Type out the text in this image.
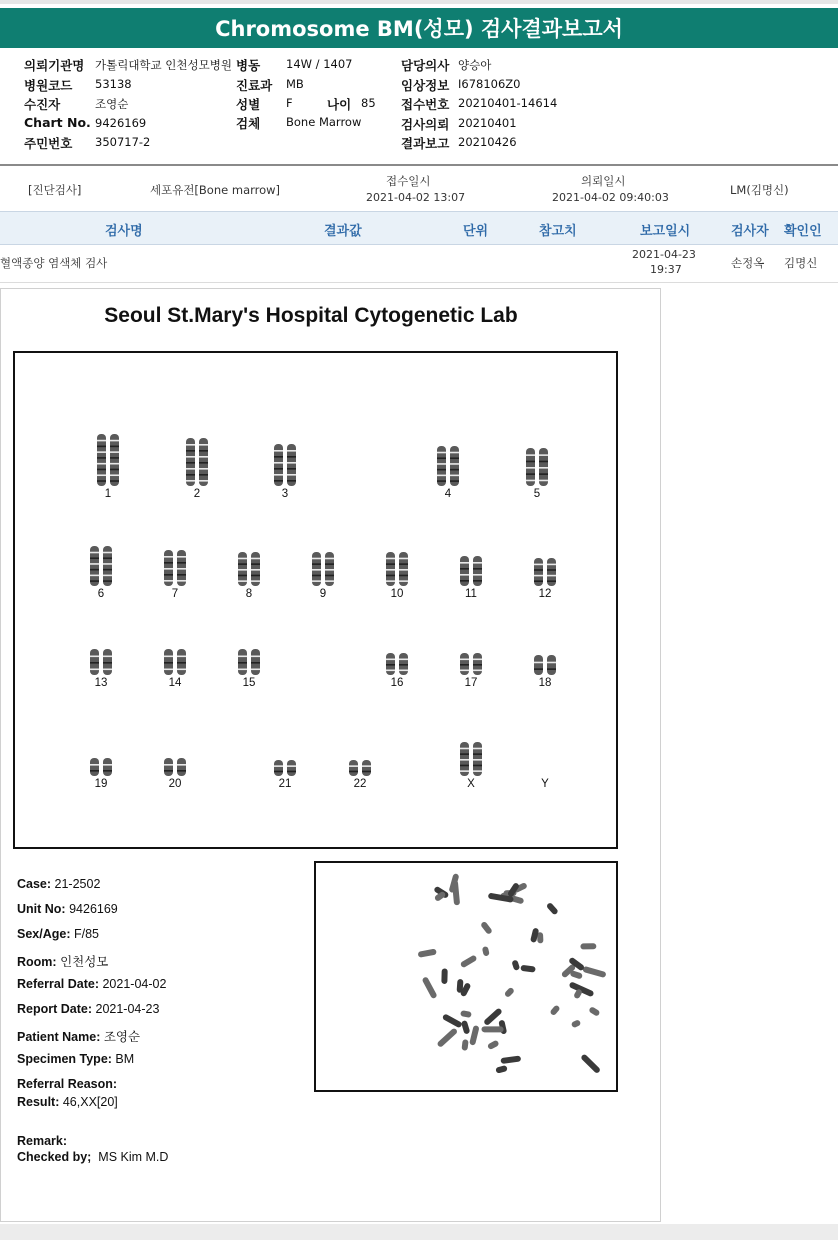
Chromosome BM(성모) 검사결과보고서
의뢰기관명 가톨릭대학교 인천성모병원 병동 14W / 1407	담당의사 양승아
병원코드 53138	진료과 MB	임상정보 I678106Z0
수진자	조영순	성별 F	나이 85 접수번호 20210401-14614
Chart No. 9426169	검체 Bone Marrow	검사의뢰 20210401
주민번호 350717-2	결과보고 20210426
[진단검사]	세포유전[Bone marrow]
접수일시
2021-04-02 13:07
의뢰일시
2021-04-02 09:40:03
LM(김명신)
검사명	결과값	단위	참고치	보고일시	검사자 확인인
혈액종양 염색체 검사
2021-04-23
19:37	손정옥 김명신
Seoul St.Mary's Hospital Cytogenetic Lab
1	2	3	4	5
6	7	8	9	10	11	12
13	14	15	16	17	18
19	20	21	22	X	Y
Case: 21-2502
Unit No: 9426169
Sex/Age: F/85
Room: 인천성모
Referral Date: 2021-04-02
Report Date: 2021-04-23
Patient Name: 조영순
Specimen Type: BM
Referral Reason:
Result: 46,XX[20]
Remark:
Checked by; MS Kim M.D
